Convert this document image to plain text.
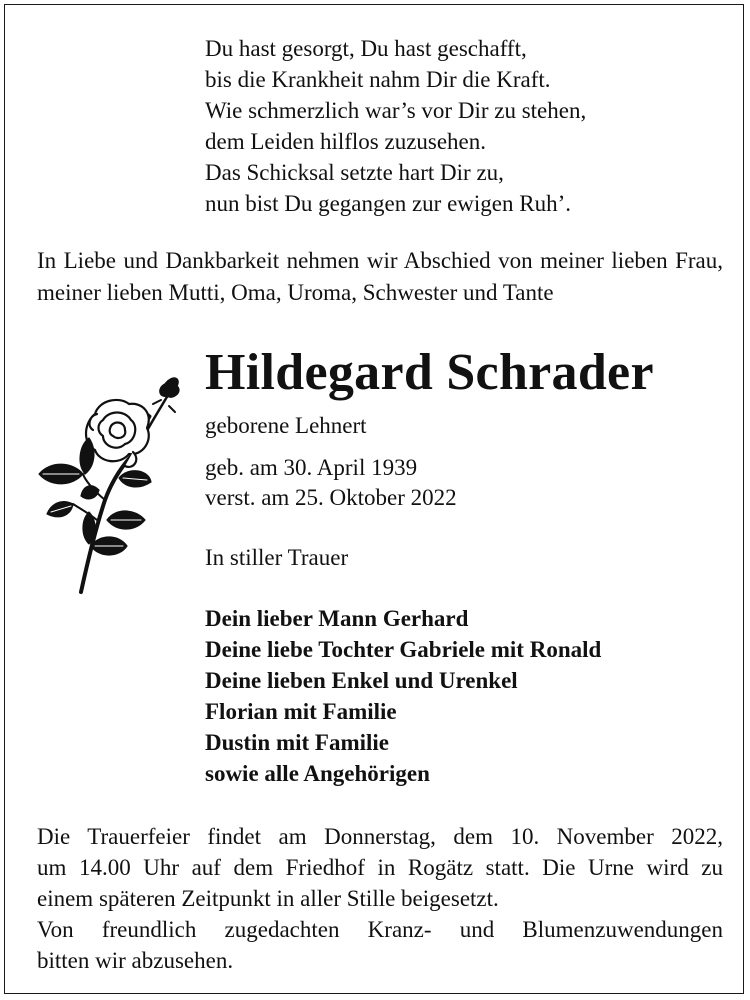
Du hast gesorgt, Du hast geschafft,
bis die Krankheit nahm Dir die Kraft.
Wie schmerzlich war’s vor Dir zu stehen,
dem Leiden hilflos zuzusehen.
Das Schicksal setzte hart Dir zu,
nun bist Du gegangen zur ewigen Ruh’.
In Liebe und Dankbarkeit nehmen wir Abschied von meiner lieben Frau, meiner lieben Mutti, Oma, Uroma, Schwester und Tante
Hildegard Schrader
geborene Lehnert
geb. am 30. April 1939
verst. am 25. Oktober 2022
In stiller Trauer
Dein lieber Mann Gerhard
Deine liebe Tochter Gabriele mit Ronald
Deine lieben Enkel und Urenkel
Florian mit Familie
Dustin mit Familie
sowie alle Angehörigen
Die Trauerfeier findet am Donnerstag, dem 10. November 2022,
um 14.00 Uhr auf dem Friedhof in Rogätz statt. Die Urne wird zu
einem späteren Zeitpunkt in aller Stille beigesetzt.
Von freundlich zugedachten Kranz- und Blumenzuwendungen
bitten wir abzusehen.
